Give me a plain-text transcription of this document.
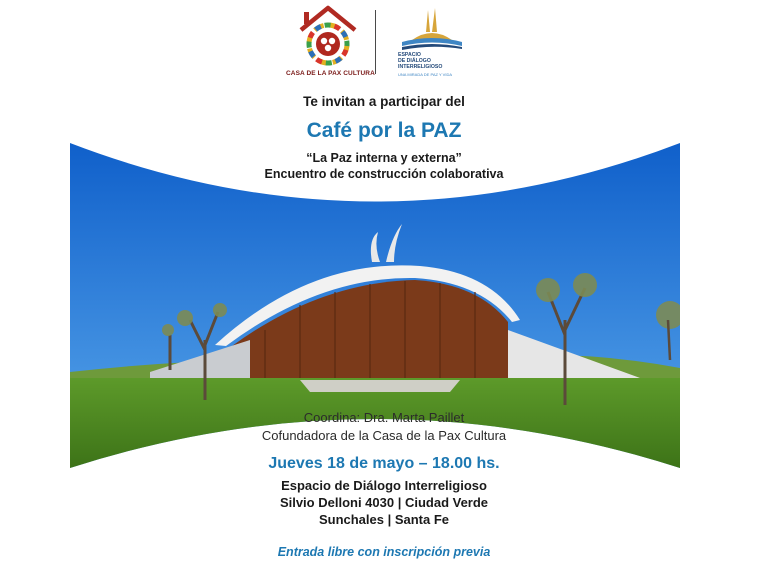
CASA DE LA PAX CULTURA
ESPACIO
DE DIÁLOGO
INTERRELIGIOSO
UNA MIRADA DE PAZ Y VIDA
Te invitan a participar del
Café por la PAZ
“La Paz interna y externa”
Encuentro de construcción colaborativa
Coordina: Dra. Marta Paillet
Cofundadora de la Casa de la Pax Cultura
Jueves 18 de mayo – 18.00 hs.
Espacio de Diálogo Interreligioso
Silvio Delloni 4030 | Ciudad Verde
Sunchales | Santa Fe
Entrada libre con inscripción previa
